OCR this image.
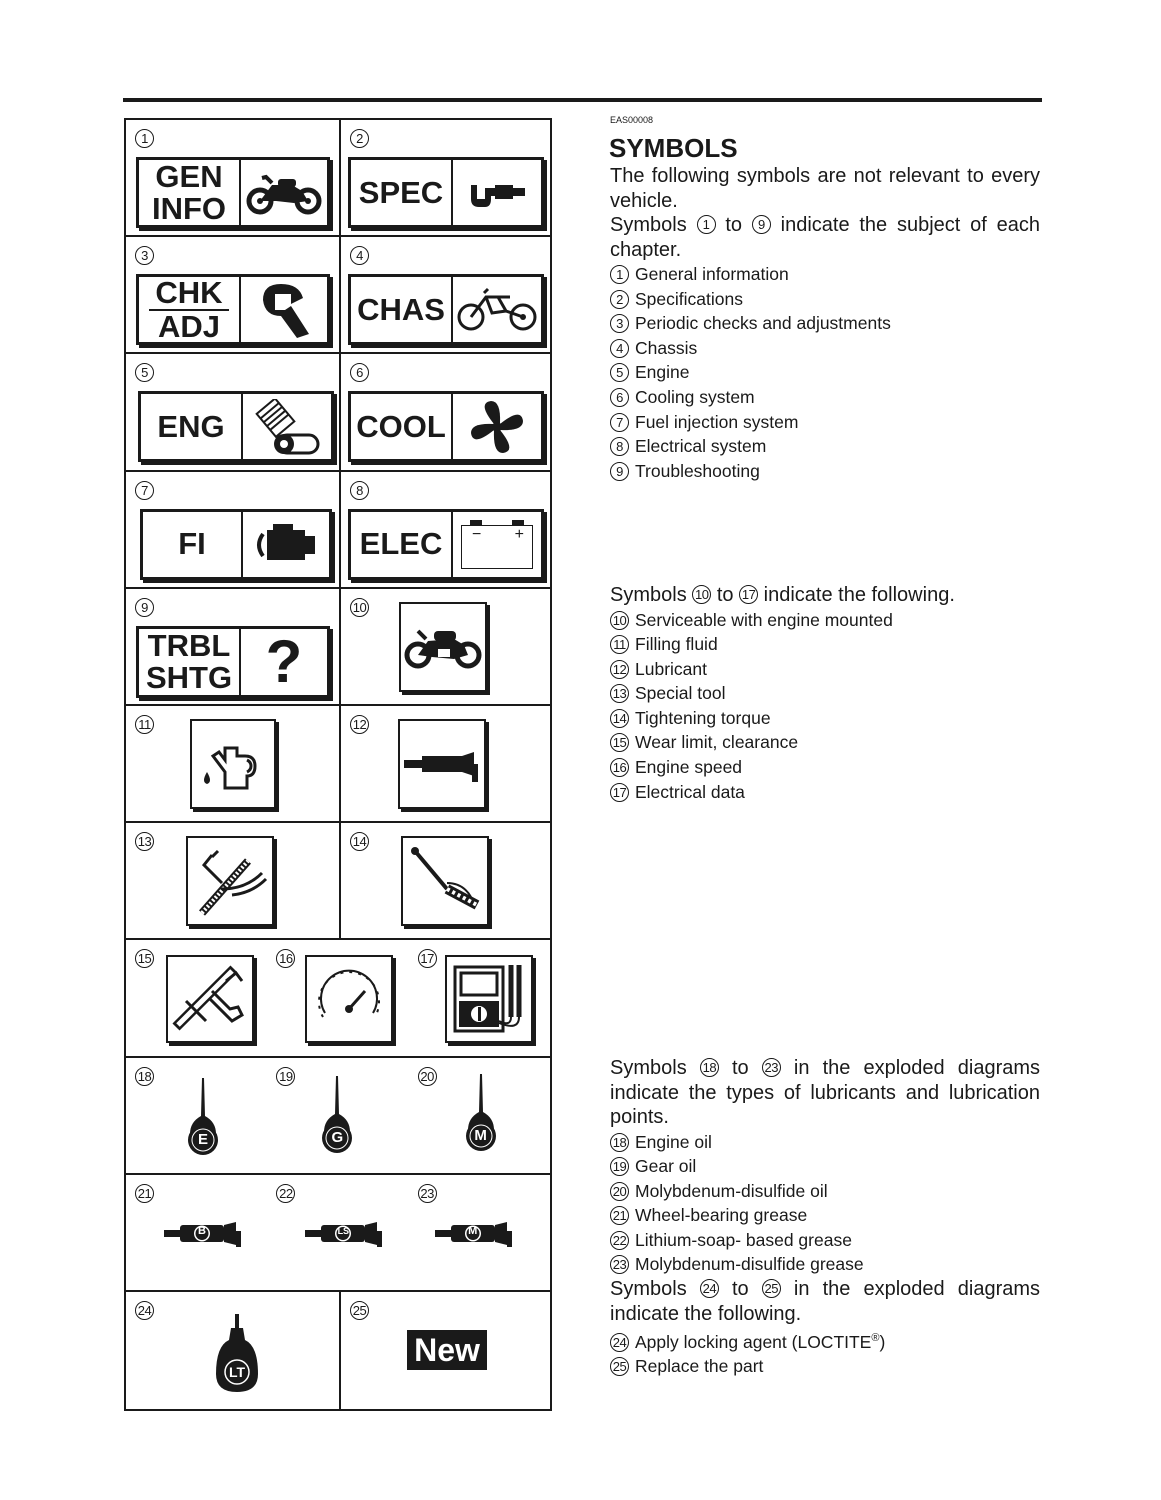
1
GEN
INFO
2
SPEC
3
CHK
ADJ
4
CHAS
5
ENG
6
COOL
7
FI
8
ELEC − +
9
TRBL
SHTG ?
10
11	12
13	14
15	16	17
18
E
19
G
20
M
21
B
22
LS
23
M
24
LT
25
New
EAS00008
SYMBOLS
The following symbols are not relevant to every vehicle.
Symbols 1 to 9 indicate the subject of each chapter.
1 General information
2 Specifications
3 Periodic checks and adjustments
4 Chassis
5 Engine
6 Cooling system
7 Fuel injection system
8 Electrical system
9 Troubleshooting
Symbols 10 to 17 indicate the following.
10 Serviceable with engine mounted
11 Filling fluid
12 Lubricant
13 Special tool
14 Tightening torque
15 Wear limit, clearance
16 Engine speed
17 Electrical data
Symbols 18 to 23 in the exploded diagrams indicate the types of lubricants and lubrication points.
18 Engine oil
19 Gear oil
20 Molybdenum-disulfide oil
21 Wheel-bearing grease
22 Lithium-soap- based grease
23 Molybdenum-disulfide grease
Symbols 24 to 25 in the exploded diagrams indicate the following.
24 Apply locking agent (LOCTITE®)
25 Replace the part
